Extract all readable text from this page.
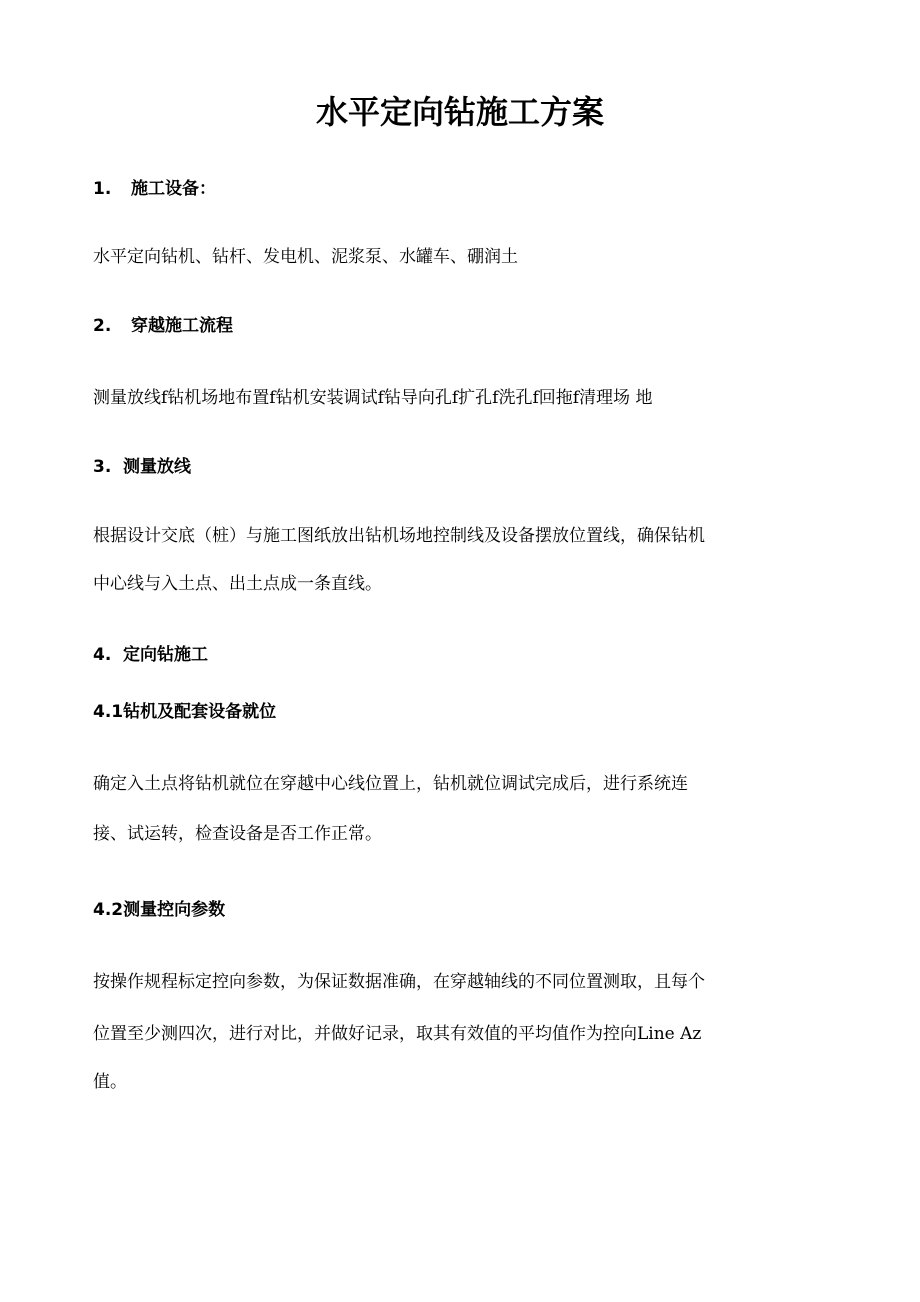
水平定向钻施工方案
1. 施工设备：
水平定向钻机、钻杆、发电机、泥浆泵、水罐车、硼润土
2. 穿越施工流程
测量放线f钻机场地布置f钻机安装调试f钻导向孔f扩孔f洗孔f回拖f清理场 地
3. 测量放线
根据设计交底（桩）与施工图纸放出钻机场地控制线及设备摆放位置线，确保钻机
中心线与入土点、出土点成一条直线。
4. 定向钻施工
4.1钻机及配套设备就位
确定入土点将钻机就位在穿越中心线位置上，钻机就位调试完成后，进行系统连
接、试运转，检查设备是否工作正常。
4.2测量控向参数
按操作规程标定控向参数，为保证数据准确，在穿越轴线的不同位置测取，且每个
位置至少测四次，进行对比，并做好记录，取其有效值的平均值作为控向Line Az
值。
